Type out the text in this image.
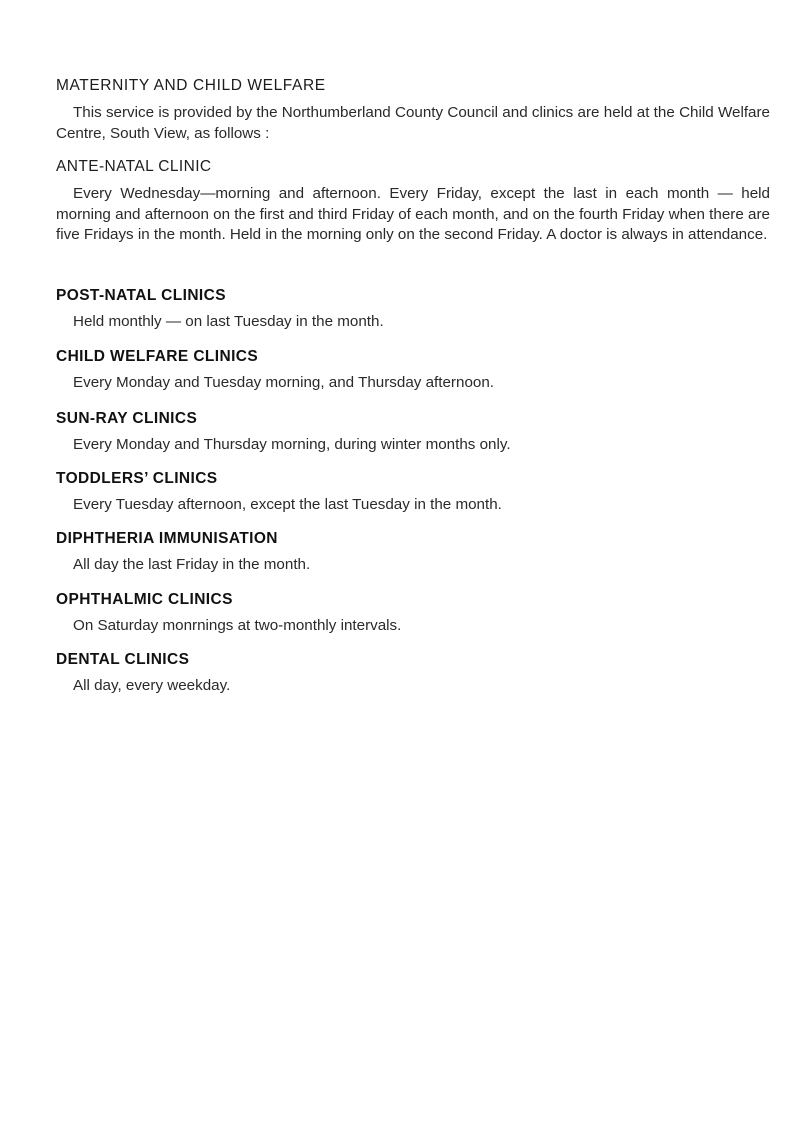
MATERNITY AND CHILD WELFARE
This service is provided by the Northumberland County Council and clinics are held at the Child Welfare Centre, South View, as follows :
ANTE-NATAL CLINIC
Every Wednesday—morning and afternoon. Every Friday, except the last in each month — held morning and afternoon on the first and third Friday of each month, and on the fourth Friday when there are five Fridays in the month. Held in the morning only on the second Friday. A doctor is always in attendance.
POST-NATAL CLINICS
Held monthly — on last Tuesday in the month.
CHILD WELFARE CLINICS
Every Monday and Tuesday morning, and Thursday afternoon.
SUN-RAY CLINICS
Every Monday and Thursday morning, during winter months only.
TODDLERS’ CLINICS
Every Tuesday afternoon, except the last Tuesday in the month.
DIPHTHERIA IMMUNISATION
All day the last Friday in the month.
OPHTHALMIC CLINICS
On Saturday monrnings at two-monthly intervals.
DENTAL CLINICS
All day, every weekday.
